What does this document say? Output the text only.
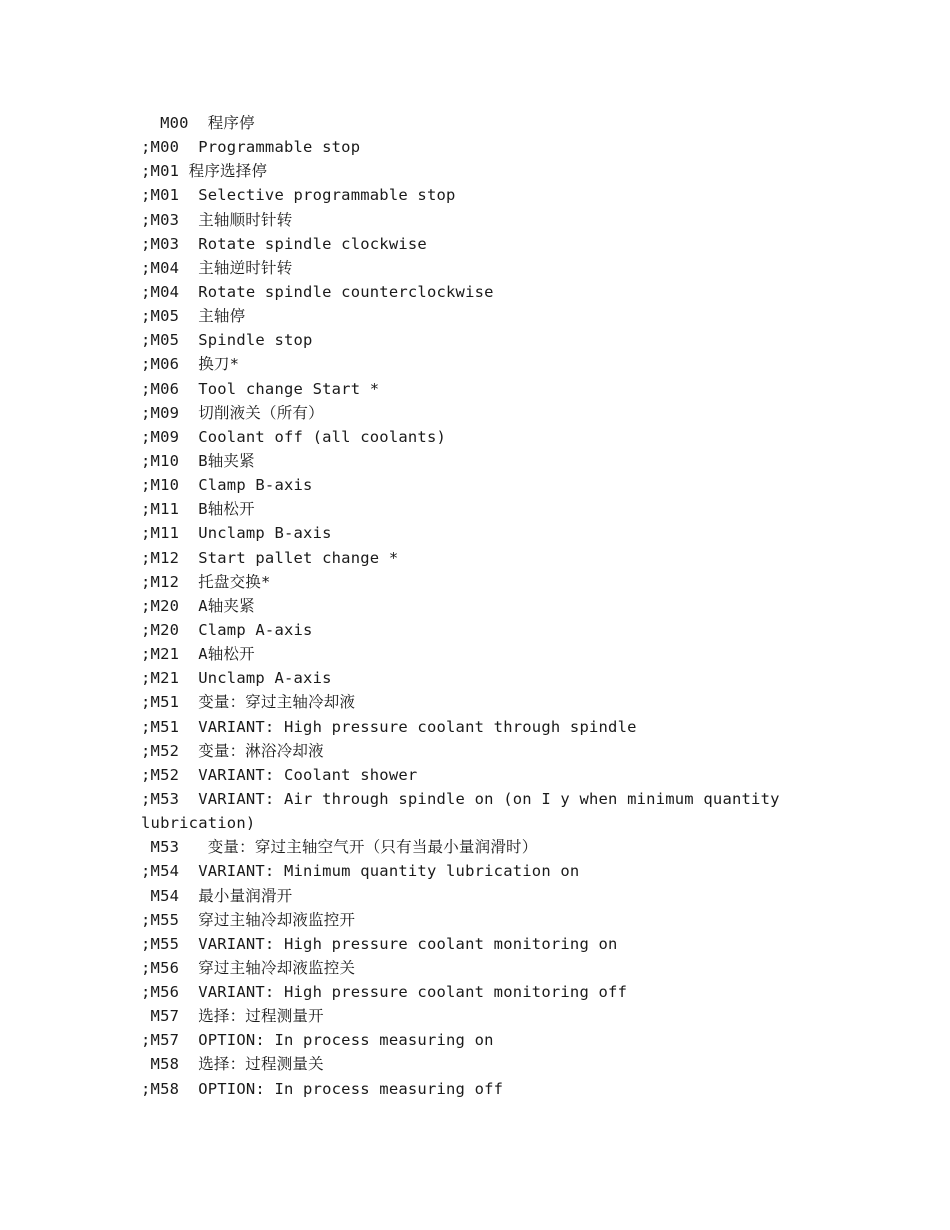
M00  程序停
;M00  Programmable stop
;M01 程序选择停
;M01  Selective programmable stop
;M03  主轴顺时针转
;M03  Rotate spindle clockwise
;M04  主轴逆时针转
;M04  Rotate spindle counterclockwise
;M05  主轴停
;M05  Spindle stop
;M06  换刀*
;M06  Tool change Start *
;M09  切削液关（所有）
;M09  Coolant off (all coolants)
;M10  B轴夹紧
;M10  Clamp B-axis
;M11  B轴松开
;M11  Unclamp B-axis
;M12  Start pallet change *
;M12  托盘交换*
;M20  A轴夹紧
;M20  Clamp A-axis
;M21  A轴松开
;M21  Unclamp A-axis
;M51  变量：穿过主轴冷却液
;M51  VARIANT: High pressure coolant through spindle
;M52  变量：淋浴冷却液
;M52  VARIANT: Coolant shower
;M53  VARIANT: Air through spindle on (on I y when minimum quantity
lubrication)
M53   变量：穿过主轴空气开（只有当最小量润滑时）
;M54  VARIANT: Minimum quantity lubrication on
M54  最小量润滑开
;M55  穿过主轴冷却液监控开
;M55  VARIANT: High pressure coolant monitoring on
;M56  穿过主轴冷却液监控关
;M56  VARIANT: High pressure coolant monitoring off
M57  选择：过程测量开
;M57  OPTION: In process measuring on
M58  选择：过程测量关
;M58  OPTION: In process measuring off
